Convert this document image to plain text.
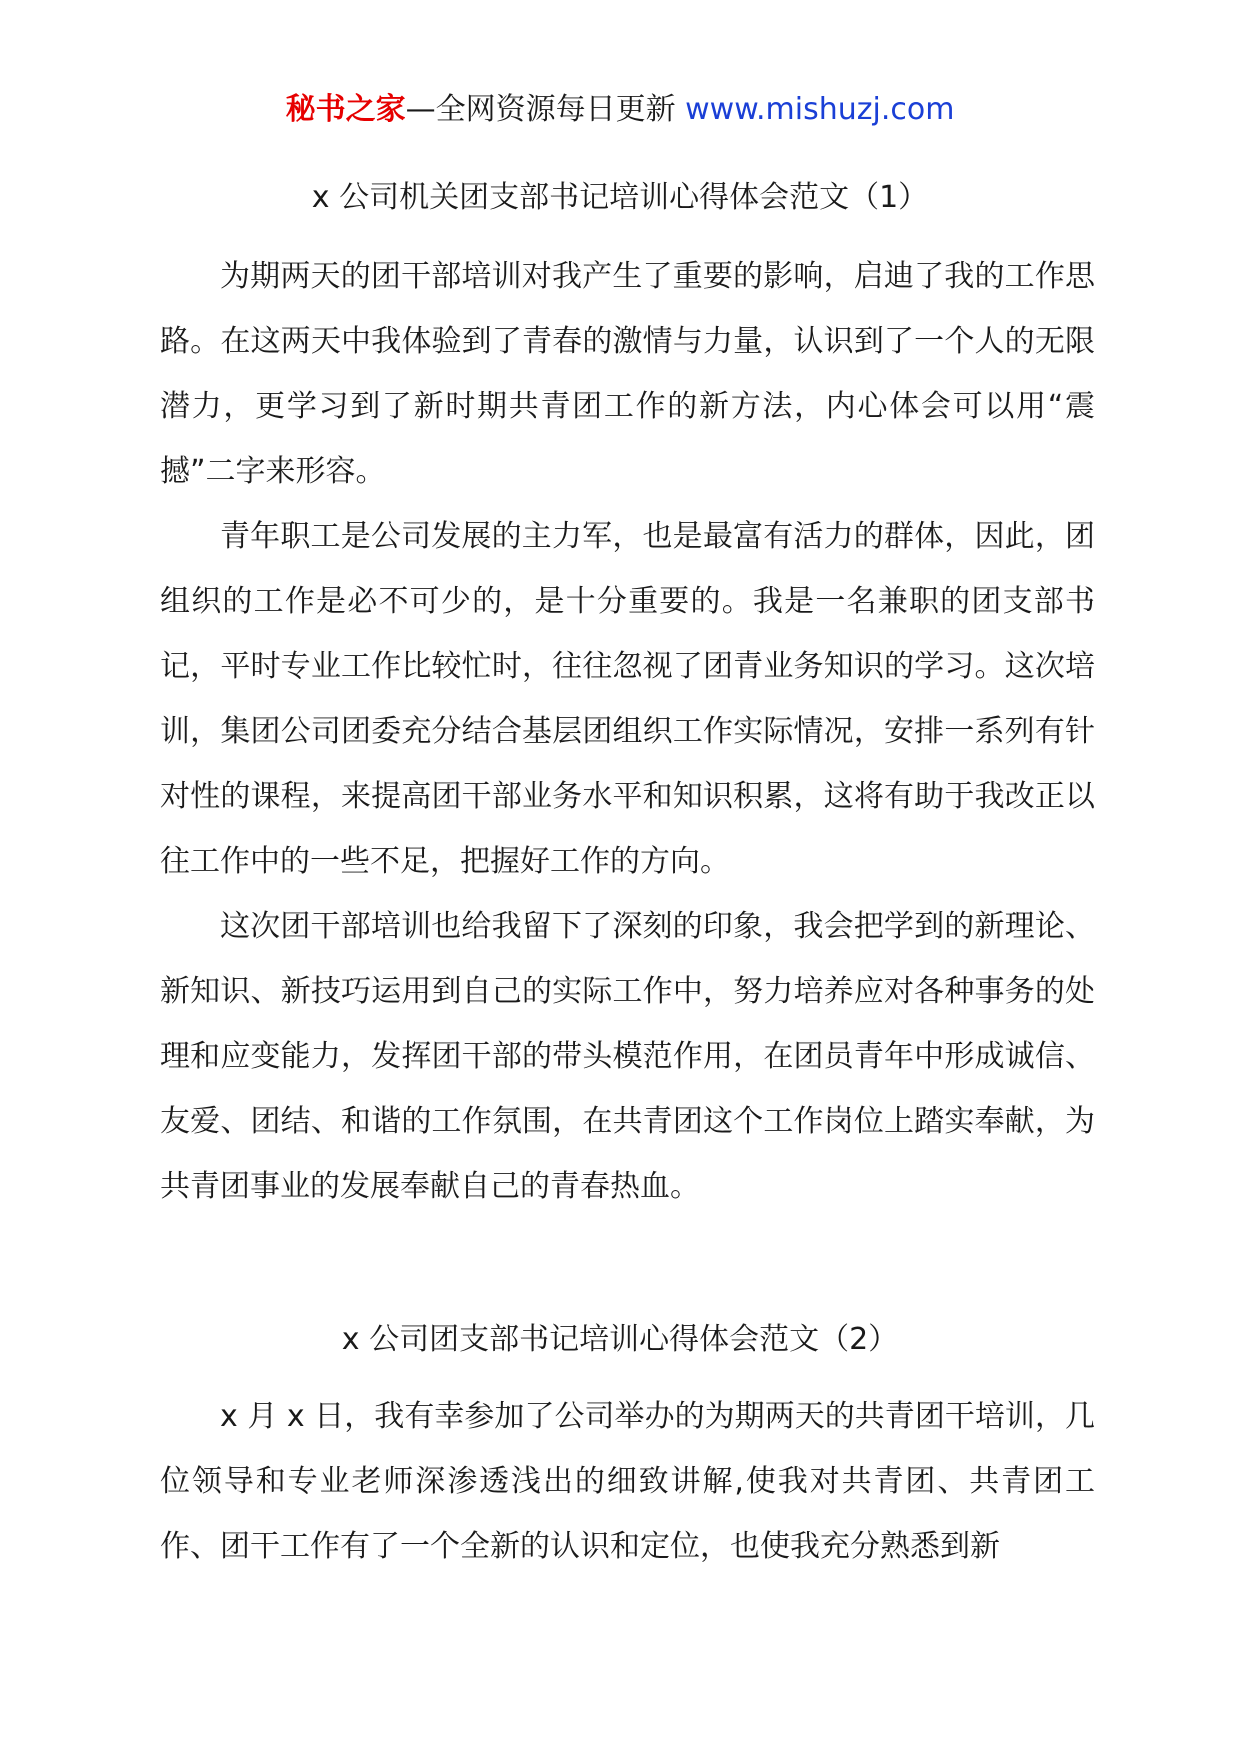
秘书之家—全网资源每日更新 www.mishuzj.com
x 公司机关团支部书记培训心得体会范文（1）

为期两天的团干部培训对我产生了重要的影响，启迪了我的工作思路。在这两天中我体验到了青春的激情与力量，认识到了一个人的无限潜力，更学习到了新时期共青团工作的新方法，内心体会可以用“震撼”二字来形容。

青年职工是公司发展的主力军，也是最富有活力的群体，因此，团组织的工作是必不可少的，是十分重要的。我是一名兼职的团支部书记，平时专业工作比较忙时，往往忽视了团青业务知识的学习。这次培训，集团公司团委充分结合基层团组织工作实际情况，安排一系列有针对性的课程，来提高团干部业务水平和知识积累，这将有助于我改正以往工作中的一些不足，把握好工作的方向。

这次团干部培训也给我留下了深刻的印象，我会把学到的新理论、新知识、新技巧运用到自己的实际工作中，努力培养应对各种事务的处理和应变能力，发挥团干部的带头模范作用，在团员青年中形成诚信、友爱、团结、和谐的工作氛围，在共青团这个工作岗位上踏实奉献，为共青团事业的发展奉献自己的青春热血。

x 公司团支部书记培训心得体会范文（2）

x 月 x 日，我有幸参加了公司举办的为期两天的共青团干培训，几位领导和专业老师深渗透浅出的细致讲解,使我对共青团、共青团工作、团干工作有了一个全新的认识和定位，也使我充分熟悉到新
